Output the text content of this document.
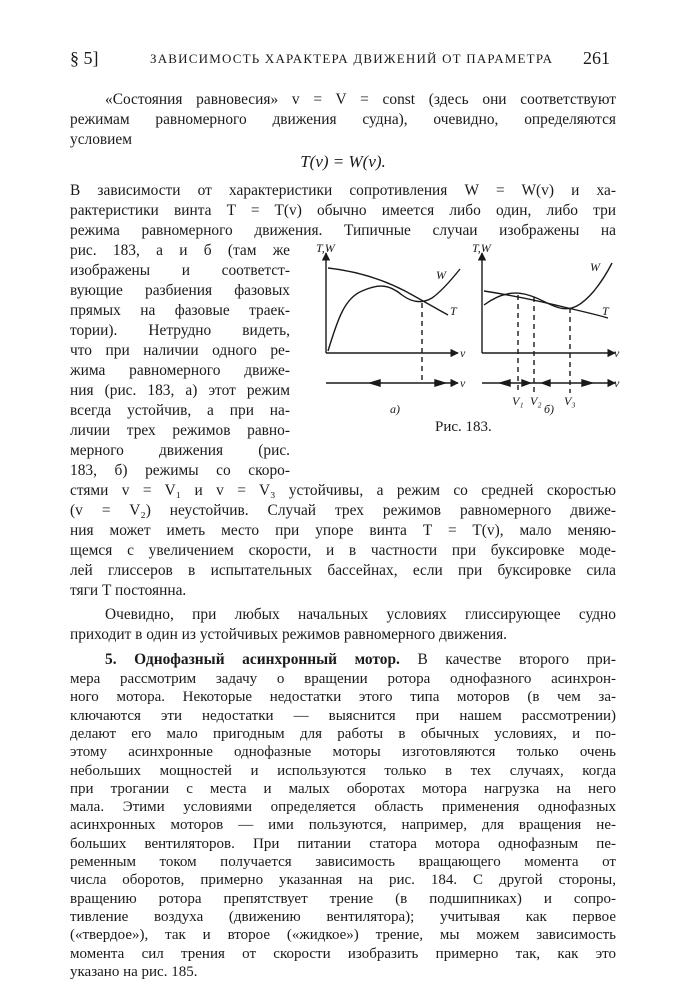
§ 5]	ЗАВИСИМОСТЬ ХАРАКТЕРА ДВИЖЕНИЙ ОТ ПАРАМЕТРА 261
«Состояния равновесия» v = V = const (здесь они соответствуют
режимам равномерного движения судна), очевидно, определяются
условием
T(v) = W(v).
В зависимости от характеристики сопротивления W = W(v) и ха-
рактеристики винта T = T(v) обычно имеется либо один, либо три
режима равномерного движения. Типичные случаи изображены на
рис. 183, а и б (там же
изображены и соответст-
вующие разбиения фазовых
прямых на фазовые траек-
тории). Нетрудно видеть,
что при наличии одного ре-
жима равномерного движе-
ния (рис. 183, а) этот режим
всегда устойчив, а при на-
личии трех режимов равно-
мерного движения (рис.
183, б) режимы со скоро-
T,W
v
v
W
T
а)
T,W
v
v
W
T
V₁ V₂ V₃
б)
Рис. 183.
стями v = V₁ и v = V₃ устойчивы, а режим со средней скоростью
(v = V₂) неустойчив. Случай трех режимов равномерного движе-
ния может иметь место при упоре винта T = T(v), мало меняю-
щемся с увеличением скорости, и в частности при буксировке моде-
лей глиссеров в испытательных бассейнах, если при буксировке сила
тяги T постоянна.
Очевидно, при любых начальных условиях глиссирующее судно
приходит в один из устойчивых режимов равномерного движения.
5. Однофазный асинхронный мотор. В качестве второго при-
мера рассмотрим задачу о вращении ротора однофазного асинхрон-
ного мотора. Некоторые недостатки этого типа моторов (в чем за-
ключаются эти недостатки — выяснится при нашем рассмотрении)
делают его мало пригодным для работы в обычных условиях, и по-
этому асинхронные однофазные моторы изготовляются только очень
небольших мощностей и используются только в тех случаях, когда
при трогании с места и малых оборотах мотора нагрузка на него
мала. Этими условиями определяется область применения однофазных
асинхронных моторов — ими пользуются, например, для вращения не-
больших вентиляторов. При питании статора мотора однофазным пе-
ременным током получается зависимость вращающего момента от
числа оборотов, примерно указанная на рис. 184. С другой стороны,
вращению ротора препятствует трение (в подшипниках) и сопро-
тивление воздуха (движению вентилятора); учитывая как первое
(«твердое»), так и второе («жидкое») трение, мы можем зависимость
момента сил трения от скорости изобразить примерно так, как это
указано на рис. 185.
